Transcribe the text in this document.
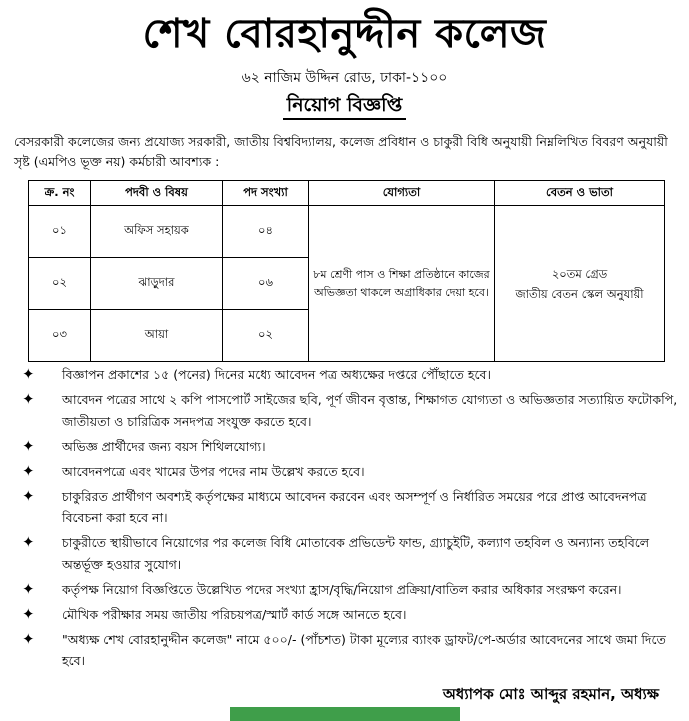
শেখ বোরহানুদ্দীন কলেজ
৬২ নাজিম উদ্দিন রোড, ঢাকা-১১০০
নিয়োগ বিজ্ঞপ্তি
বেসরকারী কলেজের জন্য প্রযোজ্য সরকারী, জাতীয় বিশ্ববিদ্যালয়, কলেজ প্রবিধান ও চাকুরী বিধি অনুযায়ী নিম্নলিখিত বিবরণ অনুযায়ী সৃষ্ট (এমপিও ভূক্ত নয়) কর্মচারী আবশ্যক :
ক্র. নং	পদবী ও বিষয়	পদ সংখ্যা	যোগ্যতা	বেতন ও ভাতা
০১	অফিস সহায়ক	০৪	৮ম শ্রেণী পাস ও শিক্ষা প্রতিষ্ঠানে কাজের অভিজ্ঞতা থাকলে অগ্রাধিকার দেয়া হবে।	২০তম গ্রেড
জাতীয় বেতন স্কেল অনুযায়ী

০২	ঝাড়ুদার	০৬		
০৩	আয়া	০২		
✦ বিজ্ঞাপন প্রকাশের ১৫ (পনের) দিনের মধ্যে আবেদন পত্র অধ্যক্ষের দপ্তরে পৌঁছাতে হবে।
✦ আবেদন পত্রের সাথে ২ কপি পাসপোর্ট সাইজের ছবি, পূর্ণ জীবন বৃত্তান্ত, শিক্ষাগত যোগ্যতা ও অভিজ্ঞতার সত্যায়িত ফটোকপি, জাতীয়তা ও চারিত্রিক সনদপত্র সংযুক্ত করতে হবে।
✦ অভিজ্ঞ প্রার্থীদের জন্য বয়স শিথিলযোগ্য।
✦ আবেদনপত্রে এবং খামের উপর পদের নাম উল্লেখ করতে হবে।
✦ চাকুরিরত প্রার্থীগণ অবশ্যই কর্তৃপক্ষের মাধ্যমে আবেদন করবেন এবং অসম্পূর্ণ ও নির্ধারিত সময়ের পরে প্রাপ্ত আবেদনপত্র বিবেচনা করা হবে না।
✦ চাকুরীতে স্থায়ীভাবে নিয়োগের পর কলেজ বিধি মোতাবেক প্রভিডেন্ট ফান্ড, গ্র্যাচুইটি, কল্যাণ তহবিল ও অন্যান্য তহবিলে অন্তর্ভূক্ত হওয়ার সুযোগ।
✦ কর্তৃপক্ষ নিয়োগ বিজ্ঞপ্তিতে উল্লেখিত পদের সংখ্যা হ্রাস/বৃদ্ধি/নিয়োগ প্রক্রিয়া/বাতিল করার অধিকার সংরক্ষণ করেন।
✦ মৌখিক পরীক্ষার সময় জাতীয় পরিচয়পত্র/স্মার্ট কার্ড সঙ্গে আনতে হবে।
✦ "অধ্যক্ষ শেখ বোরহানুদ্দীন কলেজ" নামে ৫০০/- (পাঁচশত) টাকা মূল্যের ব্যাংক ড্রাফট/পে-অর্ডার আবেদনের সাথে জমা দিতে হবে।
অধ্যাপক মোঃ আব্দুর রহমান, অধ্যক্ষ
